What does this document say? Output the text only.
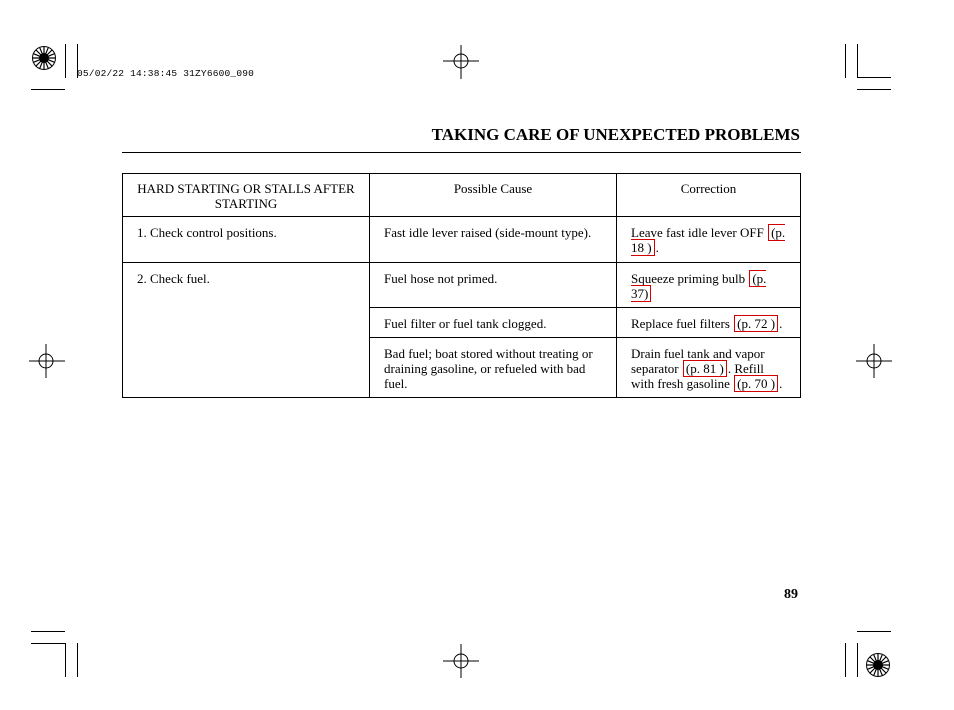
05/02/22 14:38:45 31ZY6600_090
TAKING CARE OF UNEXPECTED PROBLEMS
HARD STARTING OR STALLS AFTER STARTING	Possible Cause	Correction
1. Check control positions.	Fast idle lever raised (side-mount type).	Leave fast idle lever OFF (p. 18 ) .
2. Check fuel.	Fuel hose not primed.	Squeeze priming bulb (p. 37)
	Fuel filter or fuel tank clogged.	Replace fuel filters (p. 72 ) .
	Bad fuel; boat stored without treating or draining gasoline, or refueled with bad fuel.	Drain fuel tank and vapor separator (p. 81 ) . Refill with fresh gasoline (p. 70 ) .
89
